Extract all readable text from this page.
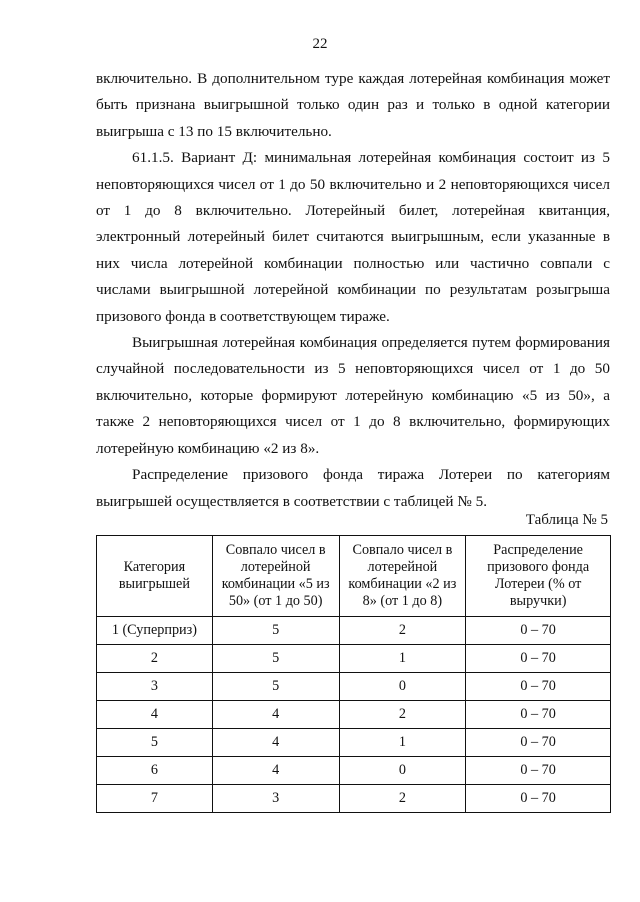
22

включительно. В дополнительном туре каждая лотерейная комбинация может быть признана выигрышной только один раз и только в одной категории выигрыша с 13 по 15 включительно.

61.1.5. Вариант Д: минимальная лотерейная комбинация состоит из 5 неповторяющихся чисел от 1 до 50 включительно и 2 неповторяющихся чисел от 1 до 8 включительно. Лотерейный билет, лотерейная квитанция, электронный лотерейный билет считаются выигрышным, если указанные в них числа лотерейной комбинации полностью или частично совпали с числами выигрышной лотерейной комбинации по результатам розыгрыша призового фонда в соответствующем тираже.

Выигрышная лотерейная комбинация определяется путем формирования случайной последовательности из 5 неповторяющихся чисел от 1 до 50 включительно, которые формируют лотерейную комбинацию «5 из 50», а также 2 неповторяющихся чисел от 1 до 8 включительно, формирующих лотерейную комбинацию «2 из 8».

Распределение призового фонда тиража Лотереи по категориям выигрышей осуществляется в соответствии с таблицей № 5.

Таблица № 5
Категория выигрышей	Совпало чисел в лотерейной комбинации «5 из 50» (от 1 до 50)	Совпало чисел в лотерейной комбинации «2 из 8» (от 1 до 8)	Распределение призового фонда Лотереи (% от выручки)
1 (Суперприз)	5	2	0 – 70
2	5	1	0 – 70
3	5	0	0 – 70
4	4	2	0 – 70
5	4	1	0 – 70
6	4	0	0 – 70
7	3	2	0 – 70
